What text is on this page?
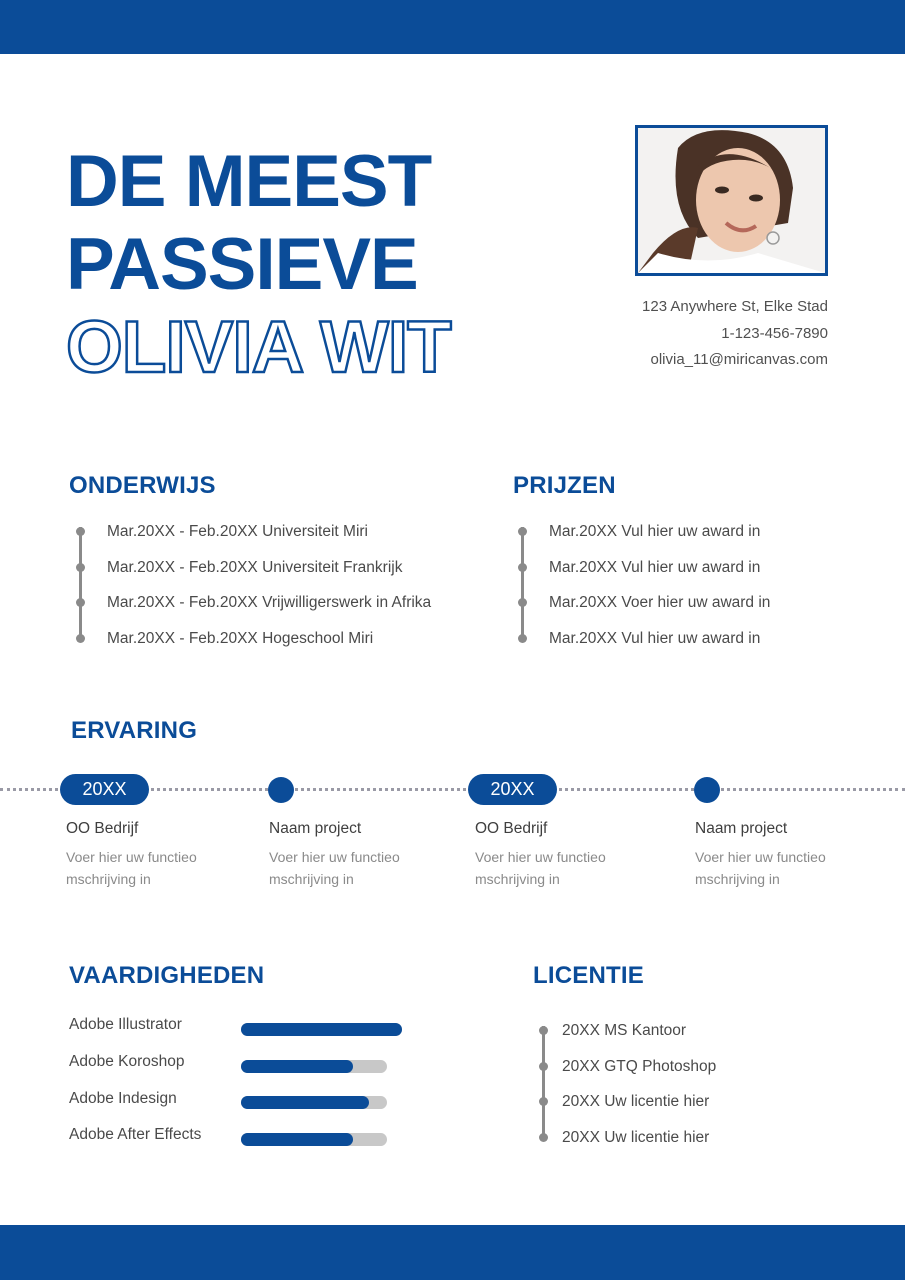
DE MEEST
PASSIEVE
OLIVIA WIT
123 Anywhere St, Elke Stad
1-123-456-7890
olivia_11@miricanvas.com
ONDERWIJS
Mar.20XX - Feb.20XX Universiteit Miri
Mar.20XX - Feb.20XX Universiteit Frankrijk
Mar.20XX - Feb.20XX Vrijwilligerswerk in Afrika
Mar.20XX - Feb.20XX Hogeschool Miri
PRIJZEN
Mar.20XX Vul hier uw award in
Mar.20XX Vul hier uw award in
Mar.20XX Voer hier uw award in
Mar.20XX Vul hier uw award in
ERVARING
20XX	20XX
OO Bedrijf
Voer hier uw functieo
mschrijving in
Naam project
Voer hier uw functieo
mschrijving in
OO Bedrijf
Voer hier uw functieo
mschrijving in
Naam project
Voer hier uw functieo
mschrijving in
VAARDIGHEDEN
Adobe Illustrator
Adobe Koroshop
Adobe Indesign
Adobe After Effects
LICENTIE
20XX MS Kantoor
20XX GTQ Photoshop
20XX Uw licentie hier
20XX Uw licentie hier
